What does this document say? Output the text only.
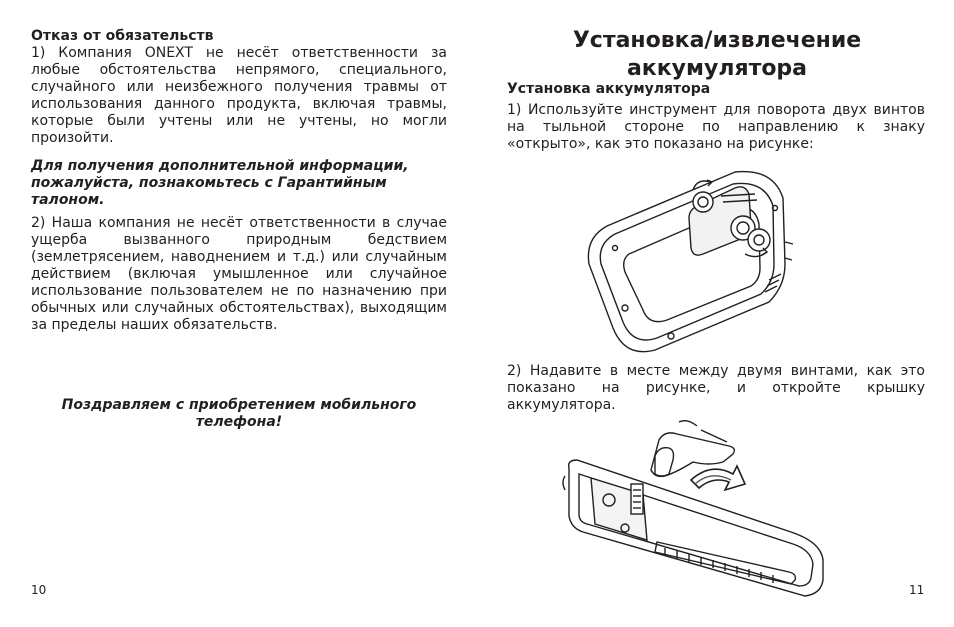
Отказ от обязательств

1) Компания ONEXT не несёт ответственности за любые обстоятельства непрямого, специального, случайного или неизбежного получения травмы от использования данного продукта, включая травмы, которые были учтены или не учтены, но могли произойти.

Для получения дополнительной информации, пожалуйста, познакомьтесь с Гарантийным талоном.

2) Наша компания не несёт ответственности в случае ущерба вызванного природным бедствием (землетрясением, наводнением и т.д.) или случайным действием (включая умышленное или случайное использование пользователем не по назначению при обычных или случайных обстоятельствах), выходящим за пределы наших обязательств.

Поздравляем с приобретением мобильного телефона!
10
Установка/извлечение аккумулятора
Установка аккумулятора

1) Используйте инструмент для поворота двух винтов на тыльной стороне по направлению к знаку «открыто», как это показано на рисунке:

2) Надавите в месте между двумя винтами, как это показано на рисунке, и откройте крышку аккумулятора.

11
